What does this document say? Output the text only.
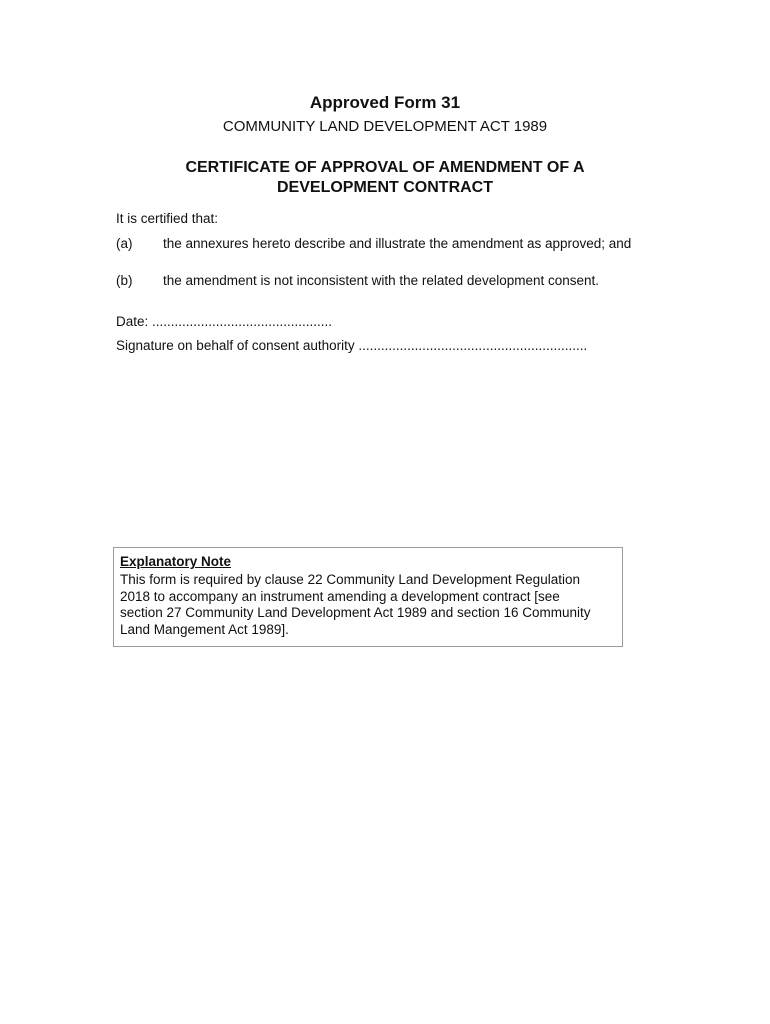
Approved Form 31
COMMUNITY LAND DEVELOPMENT ACT 1989
CERTIFICATE OF APPROVAL OF AMENDMENT OF A
DEVELOPMENT CONTRACT
It is certified that:
(a) the annexures hereto describe and illustrate the amendment as approved; and
(b) the amendment is not inconsistent with the related development consent.
Date: ................................................
Signature on behalf of consent authority .............................................................
Explanatory Note
This form is required by clause 22 Community Land Development Regulation
2018 to accompany an instrument amending a development contract [see
section 27 Community Land Development Act 1989 and section 16 Community
Land Mangement Act 1989].
